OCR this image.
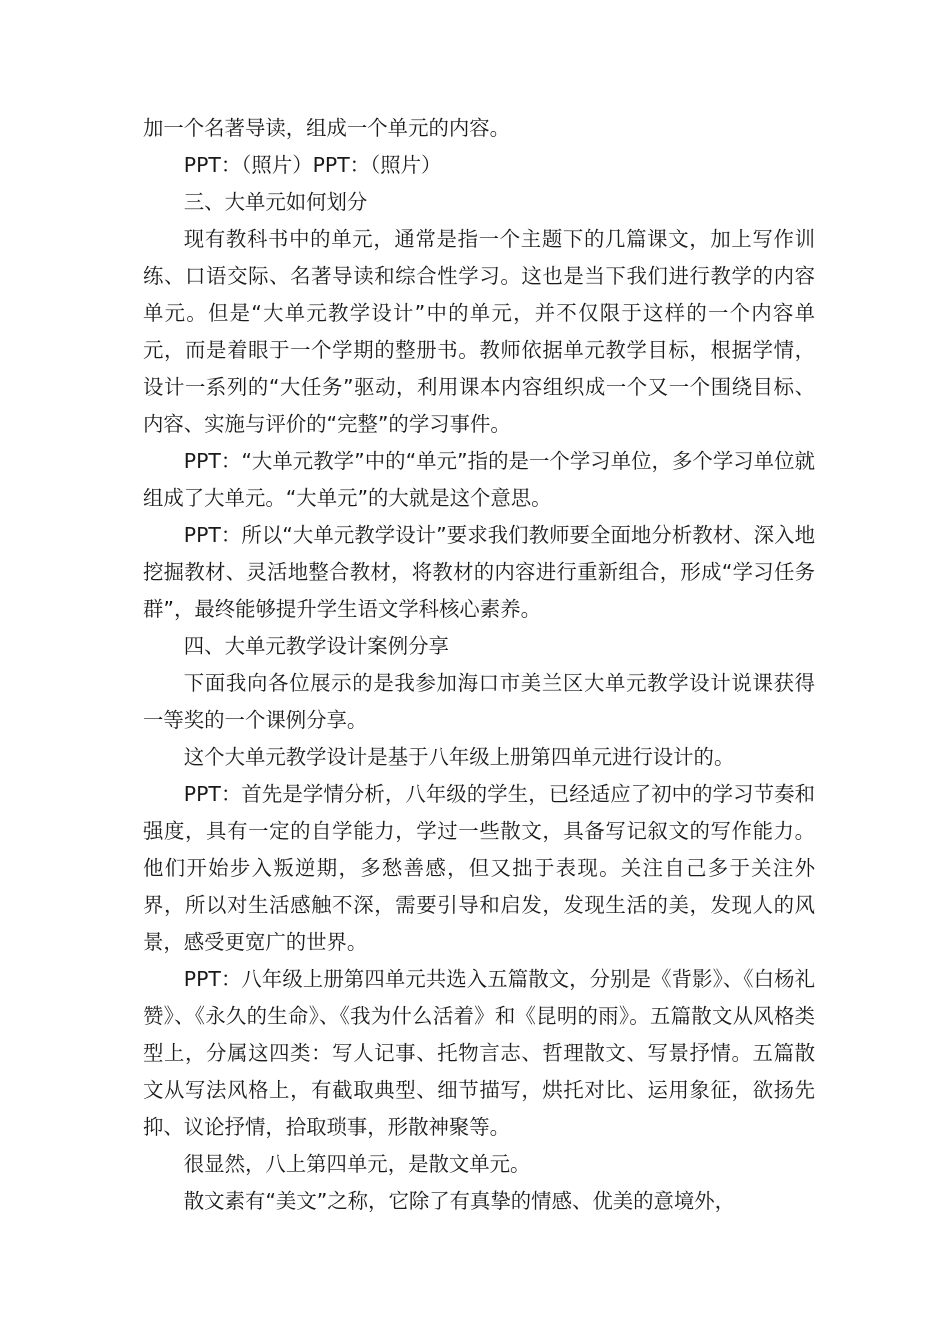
加一个名著导读，组成一个单元的内容。

PPT：（照片）PPT：（照片）

三、大单元如何划分

现有教科书中的单元，通常是指一个主题下的几篇课文，加上写作训练、口语交际、名著导读和综合性学习。这也是当下我们进行教学的内容单元。但是“大单元教学设计”中的单元，并不仅限于这样的一个内容单元，而是着眼于一个学期的整册书。教师依据单元教学目标，根据学情，设计一系列的“大任务”驱动，利用课本内容组织成一个又一个围绕目标、内容、实施与评价的“完整”的学习事件。

PPT：“大单元教学”中的“单元”指的是一个学习单位，多个学习单位就组成了大单元。“大单元”的大就是这个意思。

PPT：所以“大单元教学设计”要求我们教师要全面地分析教材、深入地挖掘教材、灵活地整合教材，将教材的内容进行重新组合，形成“学习任务群”，最终能够提升学生语文学科核心素养。

四、大单元教学设计案例分享

下面我向各位展示的是我参加海口市美兰区大单元教学设计说课获得一等奖的一个课例分享。

这个大单元教学设计是基于八年级上册第四单元进行设计的。

PPT：首先是学情分析，八年级的学生，已经适应了初中的学习节奏和强度，具有一定的自学能力，学过一些散文，具备写记叙文的写作能力。他们开始步入叛逆期，多愁善感，但又拙于表现。关注自己多于关注外界，所以对生活感触不深，需要引导和启发，发现生活的美，发现人的风景，感受更宽广的世界。

PPT：八年级上册第四单元共选入五篇散文，分别是《背影》、《白杨礼赞》、《永久的生命》、《我为什么活着》和《昆明的雨》。五篇散文从风格类型上，分属这四类：写人记事、托物言志、哲理散文、写景抒情。五篇散文从写法风格上，有截取典型、细节描写，烘托对比、运用象征，欲扬先抑、议论抒情，拾取琐事，形散神聚等。

很显然，八上第四单元，是散文单元。

散文素有“美文”之称，它除了有真挚的情感、优美的意境外，
